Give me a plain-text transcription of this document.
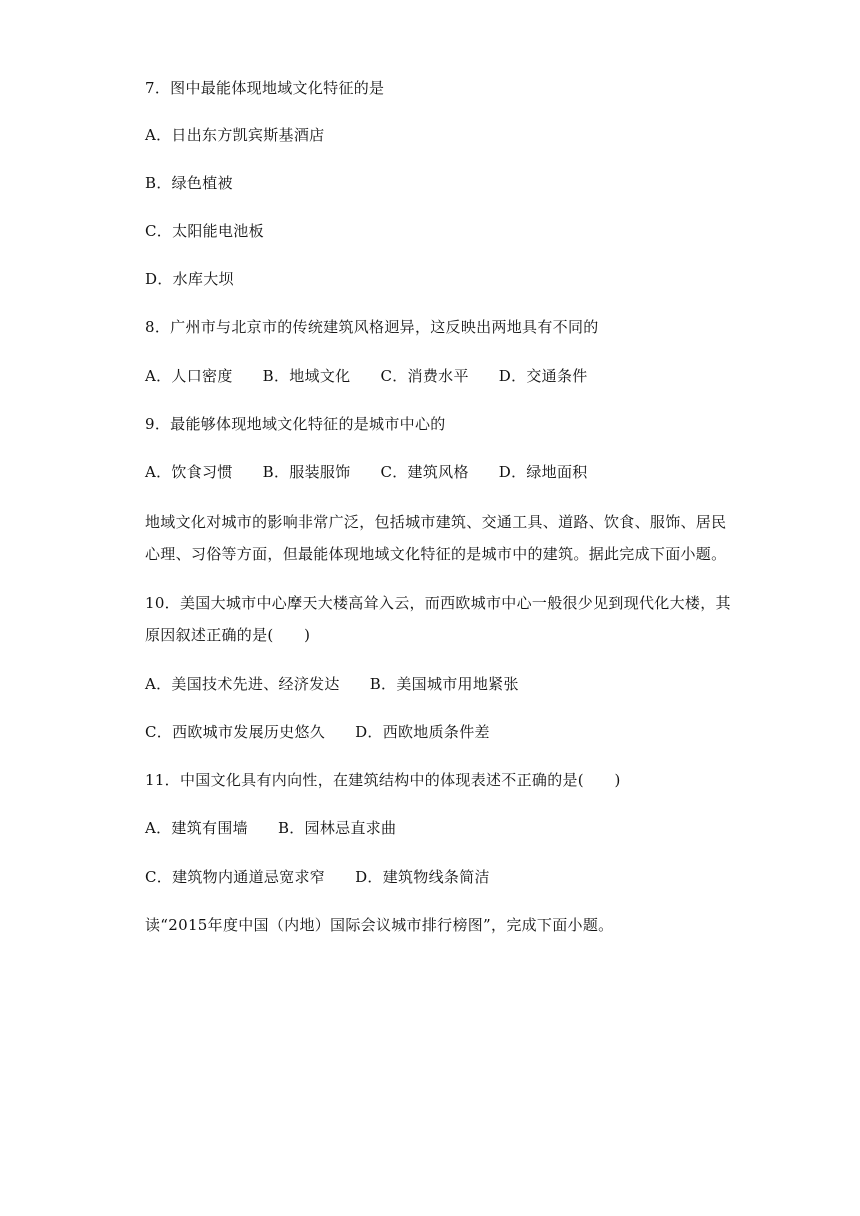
7．图中最能体现地域文化特征的是
A．日出东方凯宾斯基酒店
B．绿色植被
C．太阳能电池板
D．水库大坝
8．广州市与北京市的传统建筑风格迥异，这反映出两地具有不同的
A．人口密度 B．地域文化 C．消费水平 D．交通条件
9．最能够体现地域文化特征的是城市中心的
A．饮食习惯 B．服装服饰 C．建筑风格 D．绿地面积
地域文化对城市的影响非常广泛，包括城市建筑、交通工具、道路、饮食、服饰、居民
心理、习俗等方面，但最能体现地域文化特征的是城市中的建筑。据此完成下面小题。
10．美国大城市中心摩天大楼高耸入云，而西欧城市中心一般很少见到现代化大楼，其
原因叙述正确的是(　　)
A．美国技术先进、经济发达 B．美国城市用地紧张
C．西欧城市发展历史悠久 D．西欧地质条件差
11．中国文化具有内向性，在建筑结构中的体现表述不正确的是(　　)
A．建筑有围墙 B．园林忌直求曲
C．建筑物内通道忌宽求窄 D．建筑物线条简洁
读“2015年度中国（内地）国际会议城市排行榜图”，完成下面小题。
